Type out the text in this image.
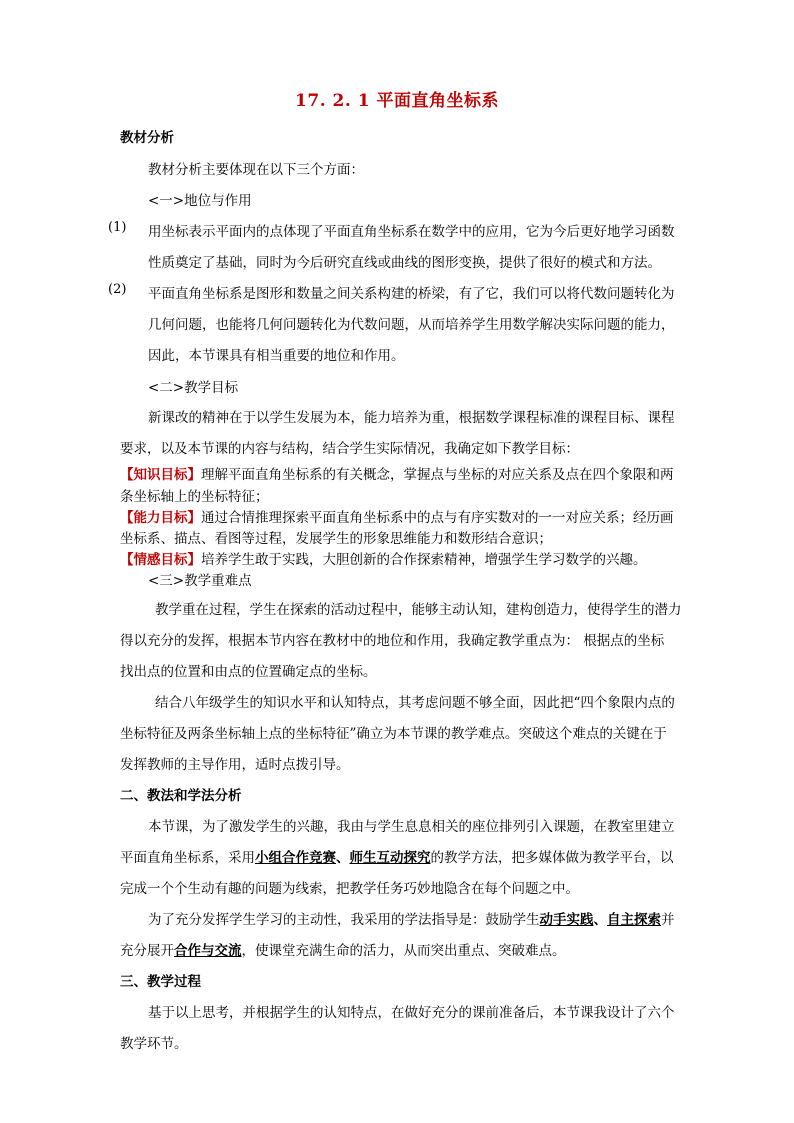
17. 2. 1 平面直角坐标系
教材分析
教材分析主要体现在以下三个方面：
<一>地位与作用
(1) 用坐标表示平面内的点体现了平面直角坐标系在数学中的应用，它为今后更好地学习函数
性质奠定了基础，同时为今后研究直线或曲线的图形变换，提供了很好的模式和方法。
(2) 平面直角坐标系是图形和数量之间关系构建的桥梁，有了它，我们可以将代数问题转化为
几何问题，也能将几何问题转化为代数问题，从而培养学生用数学解决实际问题的能力，
因此，本节课具有相当重要的地位和作用。
<二>教学目标
新课改的精神在于以学生发展为本，能力培养为重，根据数学课程标准的课程目标、课程
要求，以及本节课的内容与结构，结合学生实际情况，我确定如下教学目标：
【知识目标】理解平面直角坐标系的有关概念，掌握点与坐标的对应关系及点在四个象限和两
条坐标轴上的坐标特征；
【能力目标】通过合情推理探索平面直角坐标系中的点与有序实数对的一一对应关系；经历画
坐标系、描点、看图等过程，发展学生的形象思维能力和数形结合意识；
【情感目标】培养学生敢于实践，大胆创新的合作探索精神，增强学生学习数学的兴趣。
<三>教学重难点
教学重在过程，学生在探索的活动过程中，能够主动认知，建构创造力，使得学生的潜力
得以充分的发挥，根据本节内容在教材中的地位和作用，我确定教学重点为： 根据点的坐标
找出点的位置和由点的位置确定点的坐标。
结合八年级学生的知识水平和认知特点，其考虑问题不够全面，因此把“四个象限内点的
坐标特征及两条坐标轴上点的坐标特征”确立为本节课的教学难点。突破这个难点的关键在于
发挥教师的主导作用，适时点拨引导。
二、教法和学法分析
本节课，为了激发学生的兴趣，我由与学生息息相关的座位排列引入课题，在教室里建立
平面直角坐标系，采用小组合作竞赛、师生互动探究的教学方法，把多媒体做为教学平台，以
完成一个个生动有趣的问题为线索，把教学任务巧妙地隐含在每个问题之中。
为了充分发挥学生学习的主动性，我采用的学法指导是：鼓励学生动手实践、自主探索并
充分展开合作与交流，使课堂充满生命的活力，从而突出重点、突破难点。
三、教学过程
基于以上思考，并根据学生的认知特点，在做好充分的课前准备后，本节课我设计了六个
教学环节。
